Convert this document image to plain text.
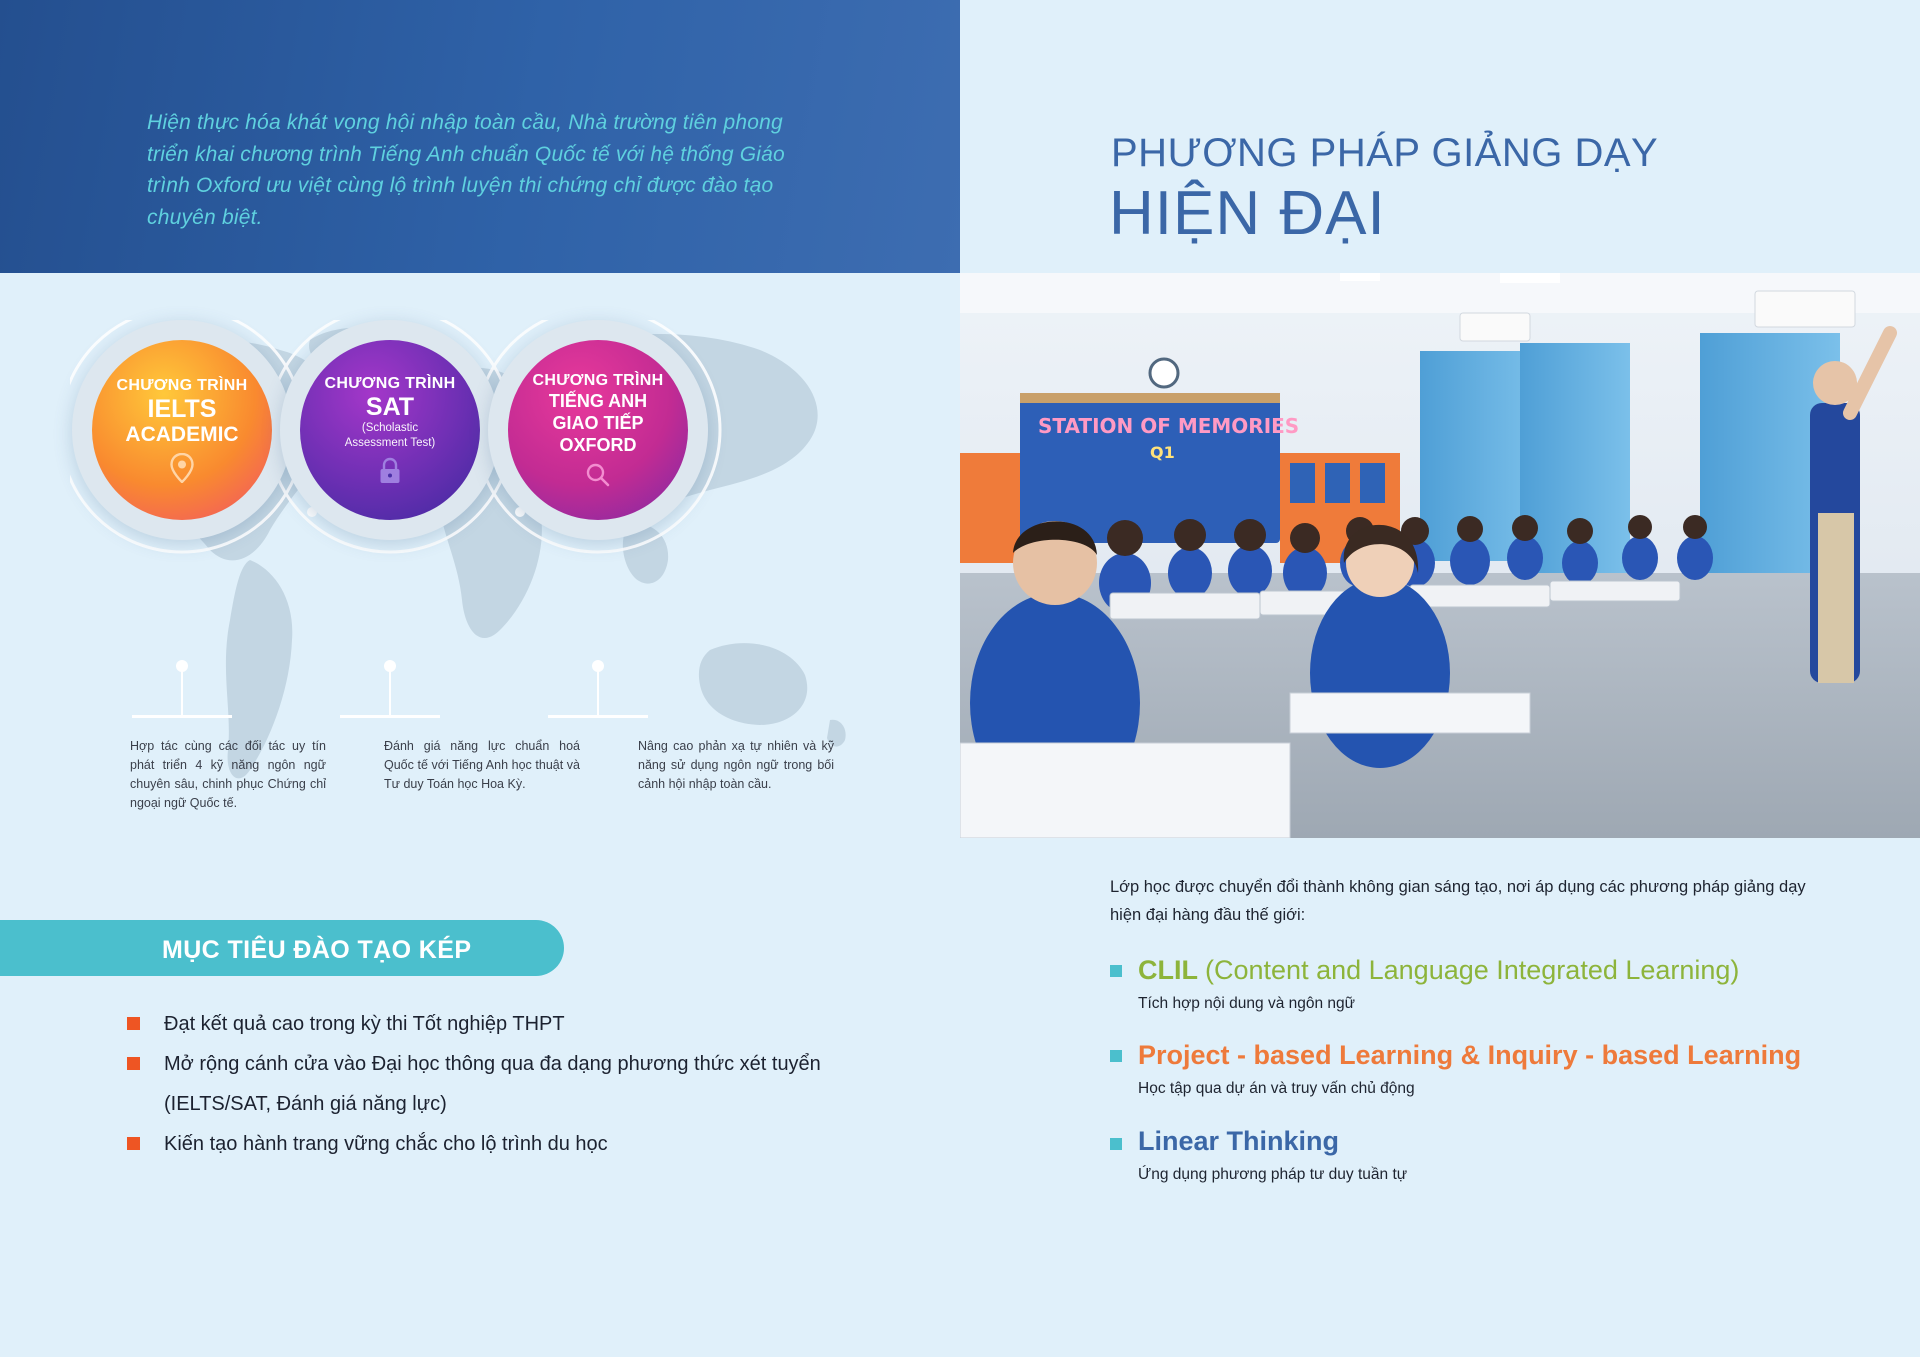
Hiện thực hóa khát vọng hội nhập toàn cầu, Nhà trường tiên phong triển khai chương trình Tiếng Anh chuẩn Quốc tế với hệ thống Giáo trình Oxford ưu việt cùng lộ trình luyện thi chứng chỉ được đào tạo chuyên biệt.

CHƯƠNG TRÌNH
IELTS
ACADEMIC
CHƯƠNG TRÌNH
SAT
(Scholastic Assessment Test)
CHƯƠNG TRÌNH
TIẾNG ANH
GIAO TIẾP
OXFORD

Hợp tác cùng các đối tác uy tín phát triển 4 kỹ năng ngôn ngữ chuyên sâu, chinh phục Chứng chỉ ngoại ngữ Quốc tế.

Đánh giá năng lực chuẩn hoá Quốc tế với Tiếng Anh học thuật và Tư duy Toán học Hoa Kỳ.

Nâng cao phản xạ tự nhiên và kỹ năng sử dụng ngôn ngữ trong bối cảnh hội nhập toàn cầu.

MỤC TIÊU ĐÀO TẠO KÉP
Đạt kết quả cao trong kỳ thi Tốt nghiệp THPT
Mở rộng cánh cửa vào Đại học thông qua đa dạng phương thức xét tuyển
(IELTS/SAT, Đánh giá năng lực)
Kiến tạo hành trang vững chắc cho lộ trình du học
PHƯƠNG PHÁP GIẢNG DẠY
HIỆN ĐẠI
STATION OF MEMORIES
Q1

Lớp học được chuyển đổi thành không gian sáng tạo, nơi áp dụng các phương pháp giảng dạy hiện đại hàng đầu thế giới:

CLIL (Content and Language Integrated Learning)
Tích hợp nội dung và ngôn ngữ
Project - based Learning & Inquiry - based Learning
Học tập qua dự án và truy vấn chủ động
Linear Thinking
Ứng dụng phương pháp tư duy tuần tự
